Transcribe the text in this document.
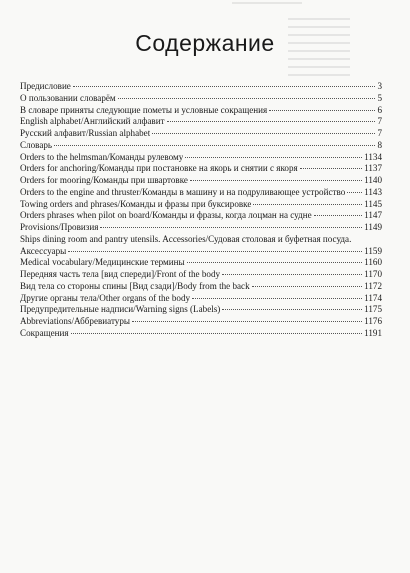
Содержание
Предисловие	3
О пользовании словарём	5
В словаре приняты следующие пометы и условные сокращения	6
English alphabet/Английский алфавит	7
Русский алфавит/Russian alphabet	7
Словарь	8
Orders to the helmsman/Команды рулевому	1134
Orders for anchoring/Команды при постановке на якорь и снятии с якоря	1137
Orders for mooring/Команды при швартовке	1140
Orders to the engine and thruster/Команды в машину и на подруливающее устройство 1143
Towing orders and phrases/Команды и фразы при буксировке	1145
Orders phrases when pilot on board/Команды и фразы, когда лоцман на судне	1147
Provisions/Провизия	1149
Ships dining room and pantry utensils. Accessories/Судовая столовая и буфетная посуда.
Аксессуары	1159
Medical vocabulary/Медицинские термины	1160
Передняя часть тела [вид спереди]/Front of the body	1170
Вид тела со стороны спины [Вид сзади]/Body from the back	1172
Другие органы тела/Other organs of the body	1174
Предупредительные надписи/Warning signs (Labels)	1175
Abbreviations/Аббревиатуры	1176
Сокращения	1191
